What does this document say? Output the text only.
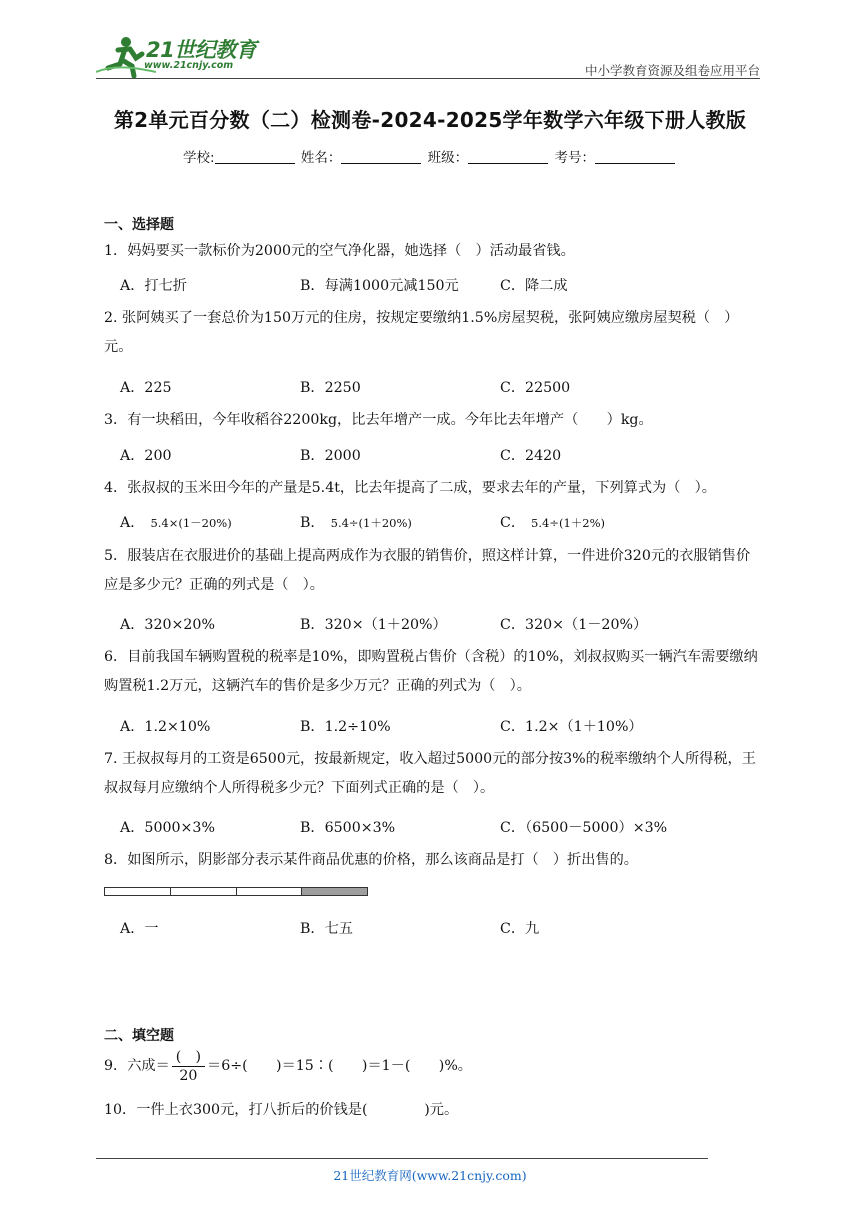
21世纪教育
www.21cnjy.com	中小学教育资源及组卷应用平台
第2单元百分数（二）检测卷-2024-2025学年数学六年级下册人教版
学校:	姓名：	班级：	考号：
一、选择题
1．妈妈要买一款标价为2000元的空气净化器，她选择（　）活动最省钱。
A．打七折	B．每满1000元减150元	C．降二成
2. 张阿姨买了一套总价为150万元的住房，按规定要缴纳1.5%房屋契税，张阿姨应缴房屋契税（　）元。
A．225	B．2250	C．22500
3．有一块稻田，今年收稻谷2200kg，比去年增产一成。今年比去年增产（　　）kg。
A．200	B．2000	C．2420
4．张叔叔的玉米田今年的产量是5.4t，比去年提高了二成，要求去年的产量，下列算式为（　）。
A． 5.4×(1－20%)	B． 5.4÷(1＋20%)	C． 5.4÷(1＋2%)
5．服装店在衣服进价的基础上提高两成作为衣服的销售价，照这样计算，一件进价320元的衣服销售价应是多少元？正确的列式是（　）。
A．320×20%	B．320×（1＋20%）	C．320×（1－20%）
6．目前我国车辆购置税的税率是10%，即购置税占售价（含税）的10%，刘叔叔购买一辆汽车需要缴纳购置税1.2万元，这辆汽车的售价是多少万元？正确的列式为（　）。
A．1.2×10%	B．1.2÷10%	C．1.2×（1＋10%）
7. 王叔叔每月的工资是6500元，按最新规定，收入超过5000元的部分按3%的税率缴纳个人所得税，王叔叔每月应缴纳个人所得税多少元？下面列式正确的是（　）。
A．5000×3%	B．6500×3%	C．（6500－5000）×3%
8．如图所示，阴影部分表示某件商品优惠的价格，那么该商品是打（　）折出售的。
A．一	B．七五	C．九
二、填空题
9．六成＝ $\frac{( )}{20} =6\div$(　　)＝15∶(　　)＝1－(　　)%。
10．一件上衣300元，打八折后的价钱是(　　　　)元。
21世纪教育网(www.21cnjy.com)
